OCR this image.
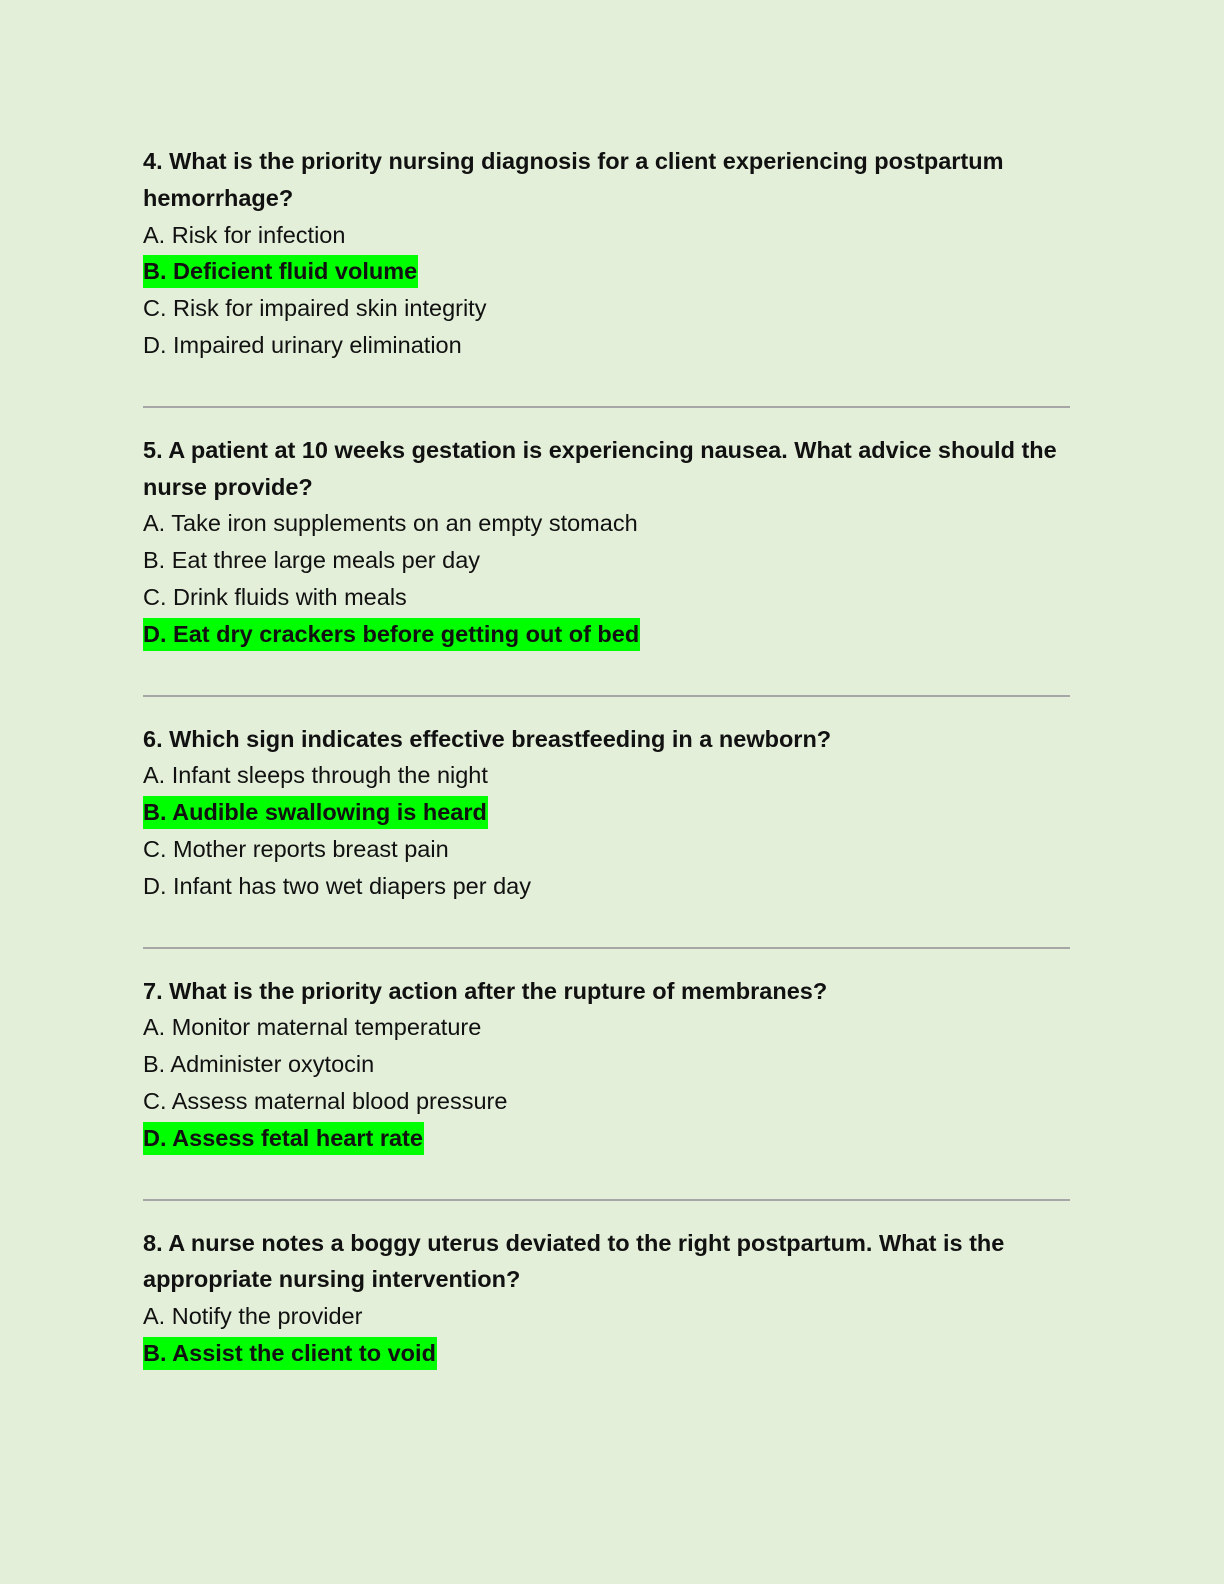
4. What is the priority nursing diagnosis for a client experiencing postpartum hemorrhage?

A. Risk for infection

B. Deficient fluid volume

C. Risk for impaired skin integrity

D. Impaired urinary elimination

5. A patient at 10 weeks gestation is experiencing nausea. What advice should the nurse provide?

A. Take iron supplements on an empty stomach

B. Eat three large meals per day

C. Drink fluids with meals

D. Eat dry crackers before getting out of bed

6. Which sign indicates effective breastfeeding in a newborn?

A. Infant sleeps through the night

B. Audible swallowing is heard

C. Mother reports breast pain

D. Infant has two wet diapers per day

7. What is the priority action after the rupture of membranes?

A. Monitor maternal temperature

B. Administer oxytocin

C. Assess maternal blood pressure

D. Assess fetal heart rate

8. A nurse notes a boggy uterus deviated to the right postpartum. What is the appropriate nursing intervention?

A. Notify the provider

B. Assist the client to void
